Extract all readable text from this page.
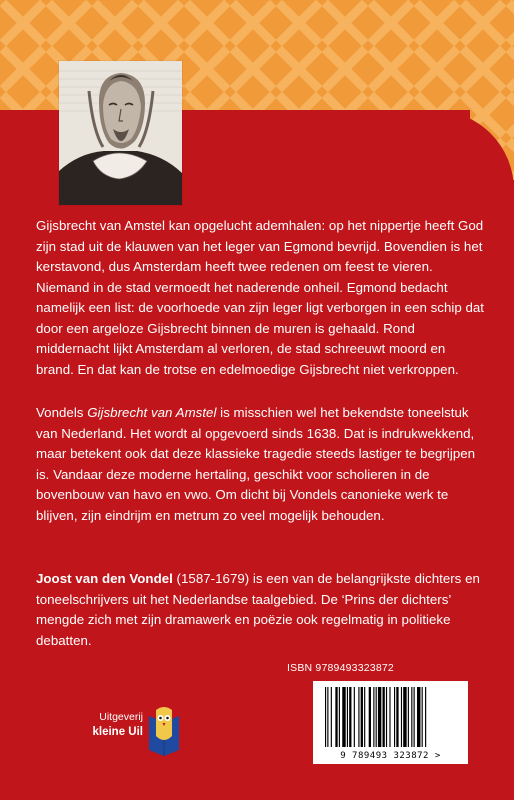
Gijsbrecht van Amstel kan opgelucht ademhalen: op het nippertje heeft God zijn stad uit de klauwen van het leger van Egmond bevrijd. Bovendien is het kerstavond, dus Amsterdam heeft twee redenen om feest te vieren. Niemand in de stad vermoedt het naderende onheil. Egmond bedacht namelijk een list: de voorhoede van zijn leger ligt verborgen in een schip dat door een argeloze Gijsbrecht binnen de muren is gehaald. Rond middernacht lijkt Amsterdam al verloren, de stad schreeuwt moord en brand. En dat kan de trotse en edelmoedige Gijsbrecht niet verkroppen.

Vondels Gijsbrecht van Amstel is misschien wel het bekendste toneelstuk van Nederland. Het wordt al opgevoerd sinds 1638. Dat is indrukwekkend, maar betekent ook dat deze klassieke tragedie steeds lastiger te begrijpen is. Vandaar deze moderne hertaling, geschikt voor scholieren in de bovenbouw van havo en vwo. Om dicht bij Vondels canonieke werk te blijven, zijn eindrijm en metrum zo veel mogelijk behouden.

Joost van den Vondel (1587-1679) is een van de belangrijkste dichters en toneelschrijvers uit het Nederlandse taalgebied. De ‘Prins der dichters’ mengde zich met zijn dramawerk en poëzie ook regelmatig in politieke debatten.

Uitgeverij
kleine Uil
ISBN 9789493323872
9 789493 323872 >
